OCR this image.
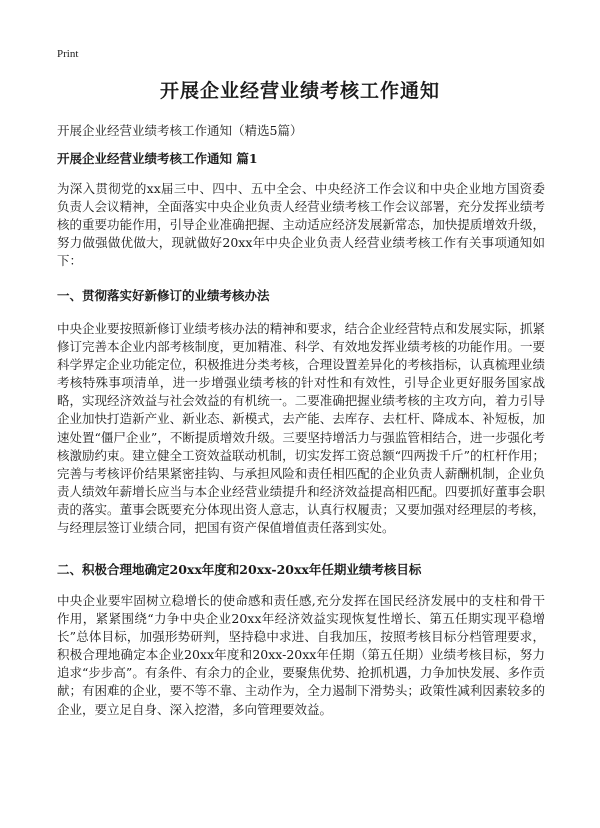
Print
开展企业经营业绩考核工作通知

开展企业经营业绩考核工作通知（精选5篇）

开展企业经营业绩考核工作通知 篇1

为深入贯彻党的xx届三中、四中、五中全会、中央经济工作会议和中央企业地方国资委负责人会议精神，全面落实中央企业负责人经营业绩考核工作会议部署，充分发挥业绩考核的重要功能作用，引导企业准确把握、主动适应经济发展新常态，加快提质增效升级，努力做强做优做大，现就做好20xx年中央企业负责人经营业绩考核工作有关事项通知如下：

一、贯彻落实好新修订的业绩考核办法

中央企业要按照新修订业绩考核办法的精神和要求，结合企业经营特点和发展实际，抓紧修订完善本企业内部考核制度，更加精准、科学、有效地发挥业绩考核的功能作用。一要科学界定企业功能定位，积极推进分类考核，合理设置差异化的考核指标，认真梳理业绩考核特殊事项清单，进一步增强业绩考核的针对性和有效性，引导企业更好服务国家战略，实现经济效益与社会效益的有机统一。二要准确把握业绩考核的主攻方向，着力引导企业加快打造新产业、新业态、新模式，去产能、去库存、去杠杆、降成本、补短板，加速处置“僵尸企业”，不断提质增效升级。三要坚持增活力与强监管相结合，进一步强化考核激励约束。建立健全工资效益联动机制，切实发挥工资总额“四两拨千斤”的杠杆作用；完善与考核评价结果紧密挂钩、与承担风险和责任相匹配的企业负责人薪酬机制，企业负责人绩效年薪增长应当与本企业经营业绩提升和经济效益提高相匹配。四要抓好董事会职责的落实。董事会既要充分体现出资人意志，认真行权履责；又要加强对经理层的考核，与经理层签订业绩合同，把国有资产保值增值责任落到实处。

二、积极合理地确定20xx年度和20xx-20xx年任期业绩考核目标

中央企业要牢固树立稳增长的使命感和责任感,充分发挥在国民经济发展中的支柱和骨干作用，紧紧围绕“力争中央企业20xx年经济效益实现恢复性增长、第五任期实现平稳增长”总体目标，加强形势研判，坚持稳中求进、自我加压，按照考核目标分档管理要求，积极合理地确定本企业20xx年度和20xx-20xx年任期（第五任期）业绩考核目标，努力追求“步步高”。有条件、有余力的企业，要聚焦优势、抢抓机遇，力争加快发展、多作贡献；有困难的企业，要不等不靠、主动作为，全力遏制下滑势头；政策性减利因素较多的企业，要立足自身、深入挖潜，多向管理要效益。
